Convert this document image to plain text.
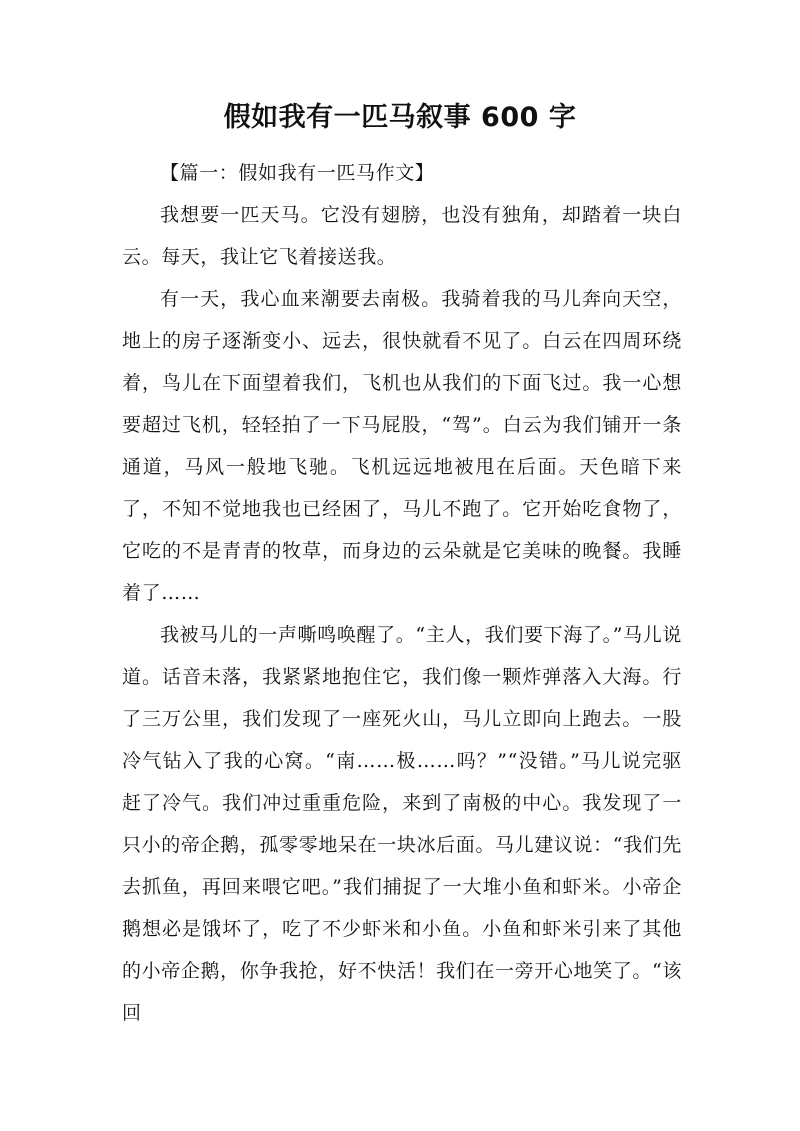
假如我有一匹马叙事 600 字

【篇一：假如我有一匹马作文】

我想要一匹天马。它没有翅膀，也没有独角，却踏着一块白云。每天，我让它飞着接送我。

有一天，我心血来潮要去南极。我骑着我的马儿奔向天空，地上的房子逐渐变小、远去，很快就看不见了。白云在四周环绕着，鸟儿在下面望着我们，飞机也从我们的下面飞过。我一心想要超过飞机，轻轻拍了一下马屁股，“驾”。白云为我们铺开一条通道，马风一般地飞驰。飞机远远地被甩在后面。天色暗下来了，不知不觉地我也已经困了，马儿不跑了。它开始吃食物了，它吃的不是青青的牧草，而身边的云朵就是它美味的晚餐。我睡着了……

我被马儿的一声嘶鸣唤醒了。“主人，我们要下海了。”马儿说道。话音未落，我紧紧地抱住它，我们像一颗炸弹落入大海。行了三万公里，我们发现了一座死火山，马儿立即向上跑去。一股冷气钻入了我的心窝。“南……极……吗？”“没错。”马儿说完驱赶了冷气。我们冲过重重危险，来到了南极的中心。我发现了一只小的帝企鹅，孤零零地呆在一块冰后面。马儿建议说：“我们先去抓鱼，再回来喂它吧。”我们捕捉了一大堆小鱼和虾米。小帝企鹅想必是饿坏了，吃了不少虾米和小鱼。小鱼和虾米引来了其他的小帝企鹅，你争我抢，好不快活！我们在一旁开心地笑了。“该回
